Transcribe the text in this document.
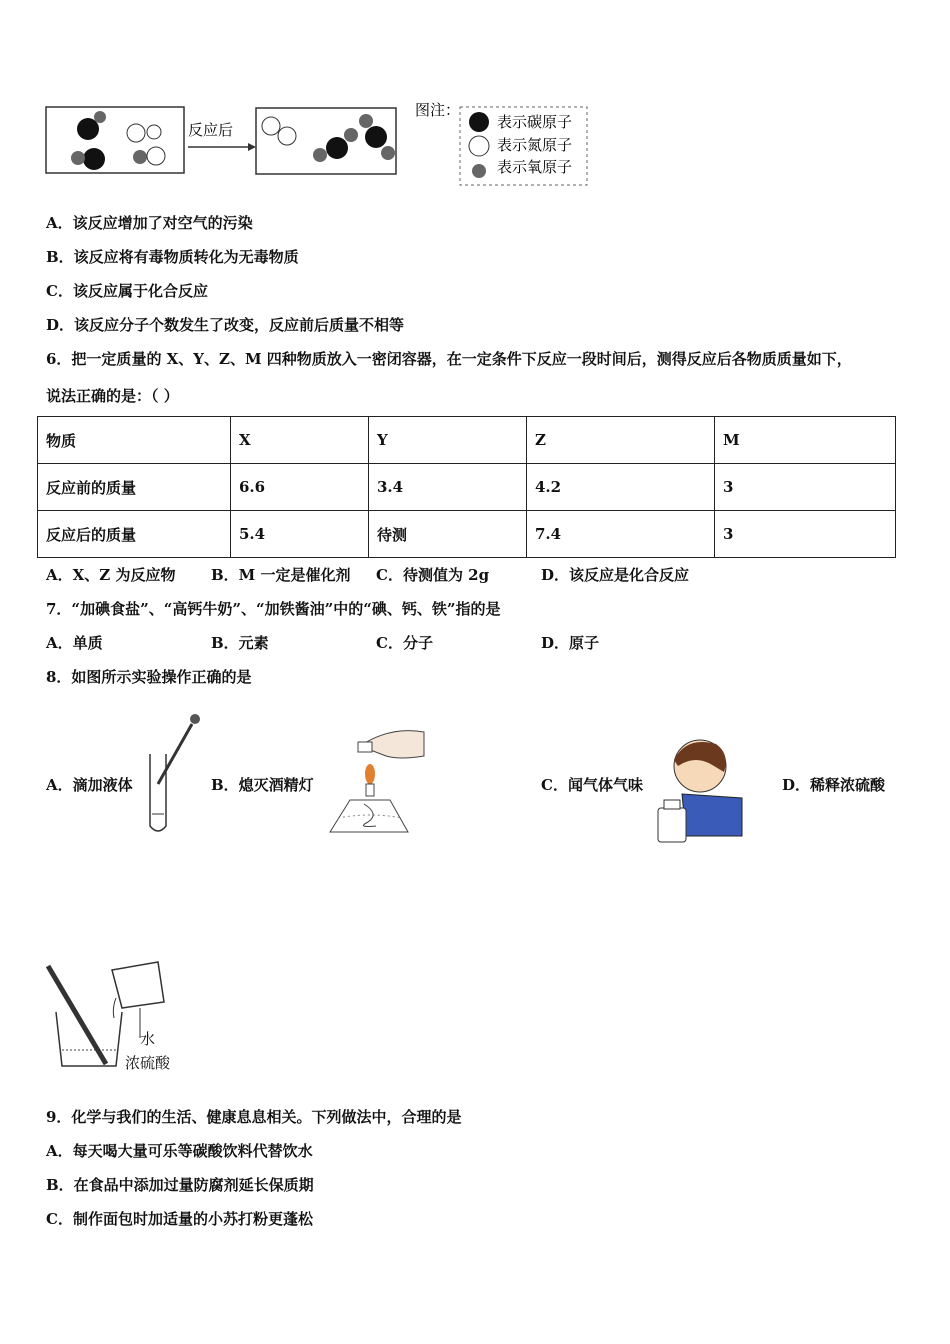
反应后
图注：
表示碳原子
表示氮原子
表示氧原子
A．该反应增加了对空气的污染
B．该反应将有毒物质转化为无毒物质
C．该反应属于化合反应
D．该反应分子个数发生了改变，反应前后质量不相等
6．把一定质量的 X、Y、Z、M 四种物质放入一密闭容器，在一定条件下反应一段时间后，测得反应后各物质质量如下，
说法正确的是：（ ）
物质	X	Y	Z	M
反应前的质量	6.6	3.4	4.2	3
反应后的质量	5.4	待测	7.4	3
A．X、Z 为反应物 B．M 一定是催化剂 C．待测值为 2g	D．该反应是化合反应
7．“加碘食盐”、“高钙牛奶”、“加铁酱油”中的“碘、钙、铁”指的是
A．单质	B．元素	C．分子	D．原子
8．如图所示实验操作正确的是
A．滴加液体	B．熄灭酒精灯	C．闻气体气味	D．稀释浓硫酸
水
浓硫酸
9．化学与我们的生活、健康息息相关。下列做法中，合理的是
A．每天喝大量可乐等碳酸饮料代替饮水
B．在食品中添加过量防腐剂延长保质期
C．制作面包时加适量的小苏打粉更蓬松
